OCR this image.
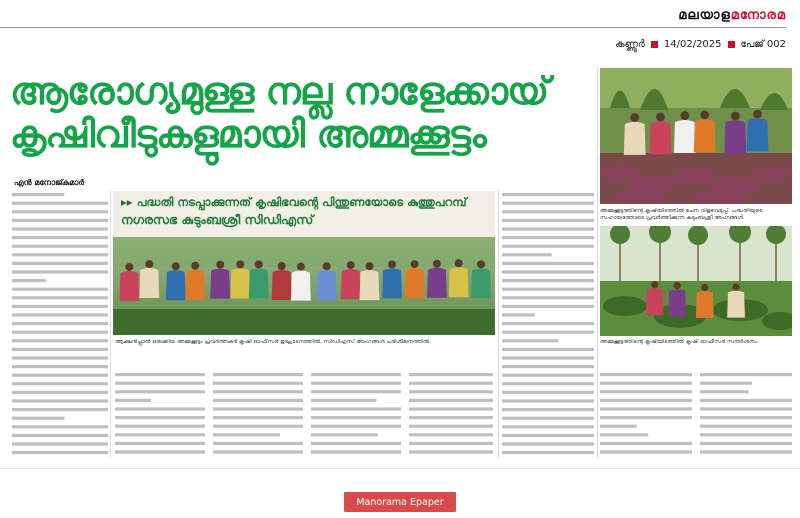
മലയാളമനോരമ
കണ്ണൂർ 14/02/2025 പേജ് 002
ആരോഗ്യമുള്ള നല്ല നാളേക്കായ്
കൃഷിവീടുകളുമായി അമ്മക്കൂട്ടം
എൻ മനോജ്കുമാർ
▸▸ പദ്ധതി നടപ്പാക്കുന്നത് കൃഷിഭവന്റെ പിന്തുണയോടെ കുത്തുപറമ്പ്
നഗരസഭ കുടുംബശ്രീ സിഡിഎസ്
ആക്ഷൻപ്ലാൻ ഒരുക്കിയ അമ്മക്കൂട്ടം പ്രവർത്തകർ കൃഷി ഓഫീസർ ഉദ്ഘാടനത്തിൽ, സിഡിഎസ് അംഗങ്ങൾ പരിശീലനത്തിൽ.
അമ്മക്കൂട്ടത്തിന്റെ കൃഷിയിടത്തിൽ ചേന വിളവെടുപ്പ്. പദ്ധതിയുടെ സഹായത്തോടെ പ്രവർത്തിക്കുന്ന കുടുംബശ്രീ അംഗങ്ങൾ.
അമ്മക്കൂട്ടത്തിന്റെ കൃഷിയിടത്തിൽ കൃഷി ഓഫീസർ സന്ദർശനം.
Manorama Epaper
